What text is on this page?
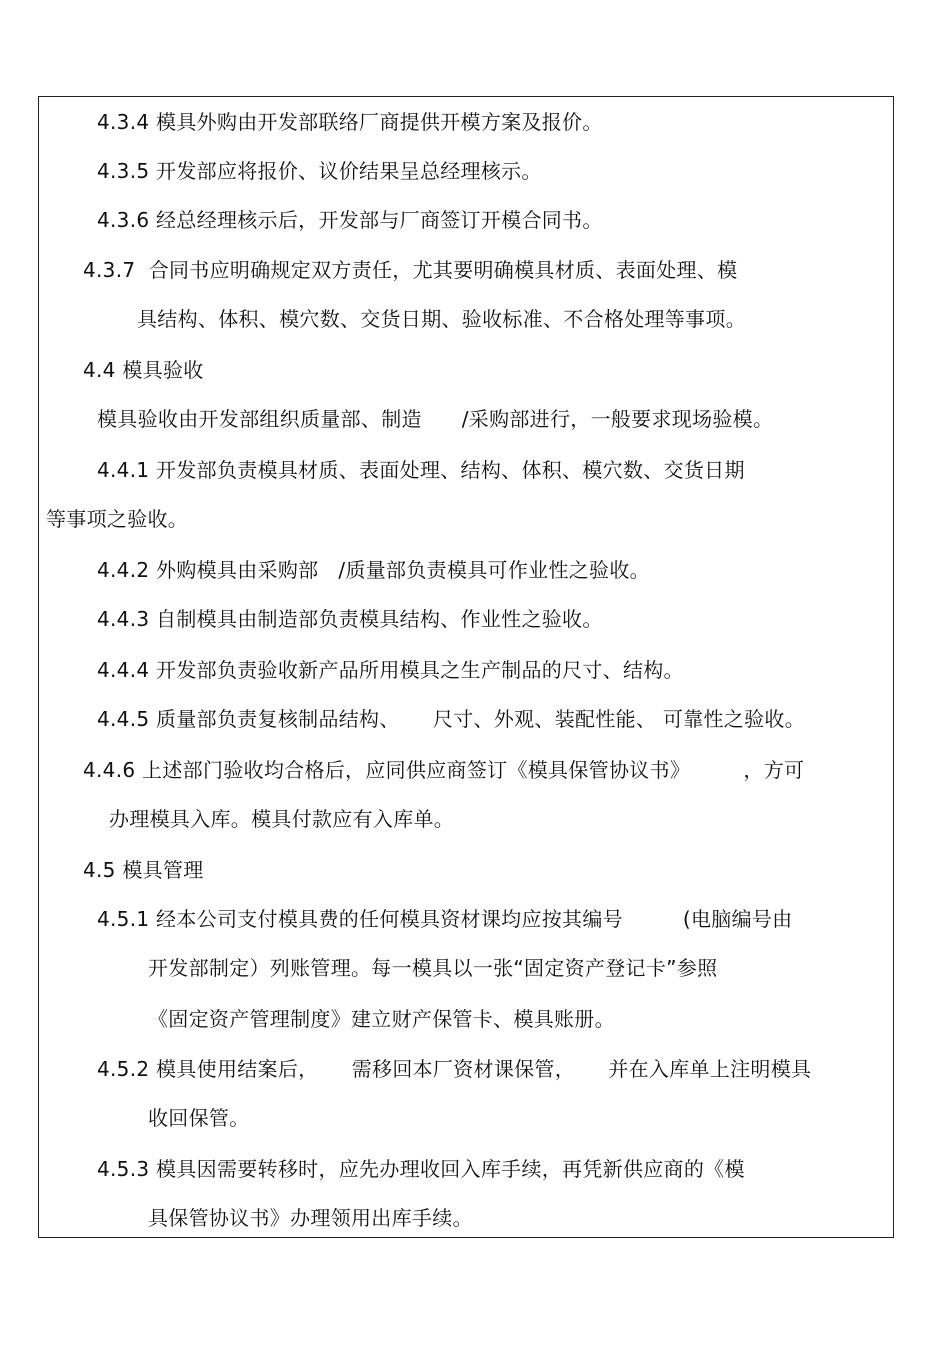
4.3.4 模具外购由开发部联络厂商提供开模方案及报价。
4.3.5 开发部应将报价、议价结果呈总经理核示。
4.3.6 经总经理核示后，开发部与厂商签订开模合同书。
4.3.7  合同书应明确规定双方责任，尤其要明确模具材质、表面处理、模
具结构、体积、模穴数、交货日期、验收标准、不合格处理等事项。
4.4 模具验收
模具验收由开发部组织质量部、制造      /采购部进行，一般要求现场验模。
4.4.1 开发部负责模具材质、表面处理、结构、体积、模穴数、交货日期
等事项之验收。
4.4.2 外购模具由采购部   /质量部负责模具可作业性之验收。
4.4.3 自制模具由制造部负责模具结构、作业性之验收。
4.4.4 开发部负责验收新产品所用模具之生产制品的尺寸、结构。
4.4.5 质量部负责复核制品结构、     尺寸、外观、装配性能、 可靠性之验收。
4.4.6 上述部门验收均合格后，应同供应商签订《模具保管协议书》        ，方可
办理模具入库。模具付款应有入库单。
4.5 模具管理
4.5.1 经本公司支付模具费的任何模具资材课均应按其编号         (电脑编号由
开发部制定）列账管理。每一模具以一张“固定资产登记卡”参照
《固定资产管理制度》建立财产保管卡、模具账册。
4.5.2 模具使用结案后，     需移回本厂资材课保管，     并在入库单上注明模具
收回保管。
4.5.3 模具因需要转移时，应先办理收回入库手续，再凭新供应商的《模
具保管协议书》办理领用出库手续。
